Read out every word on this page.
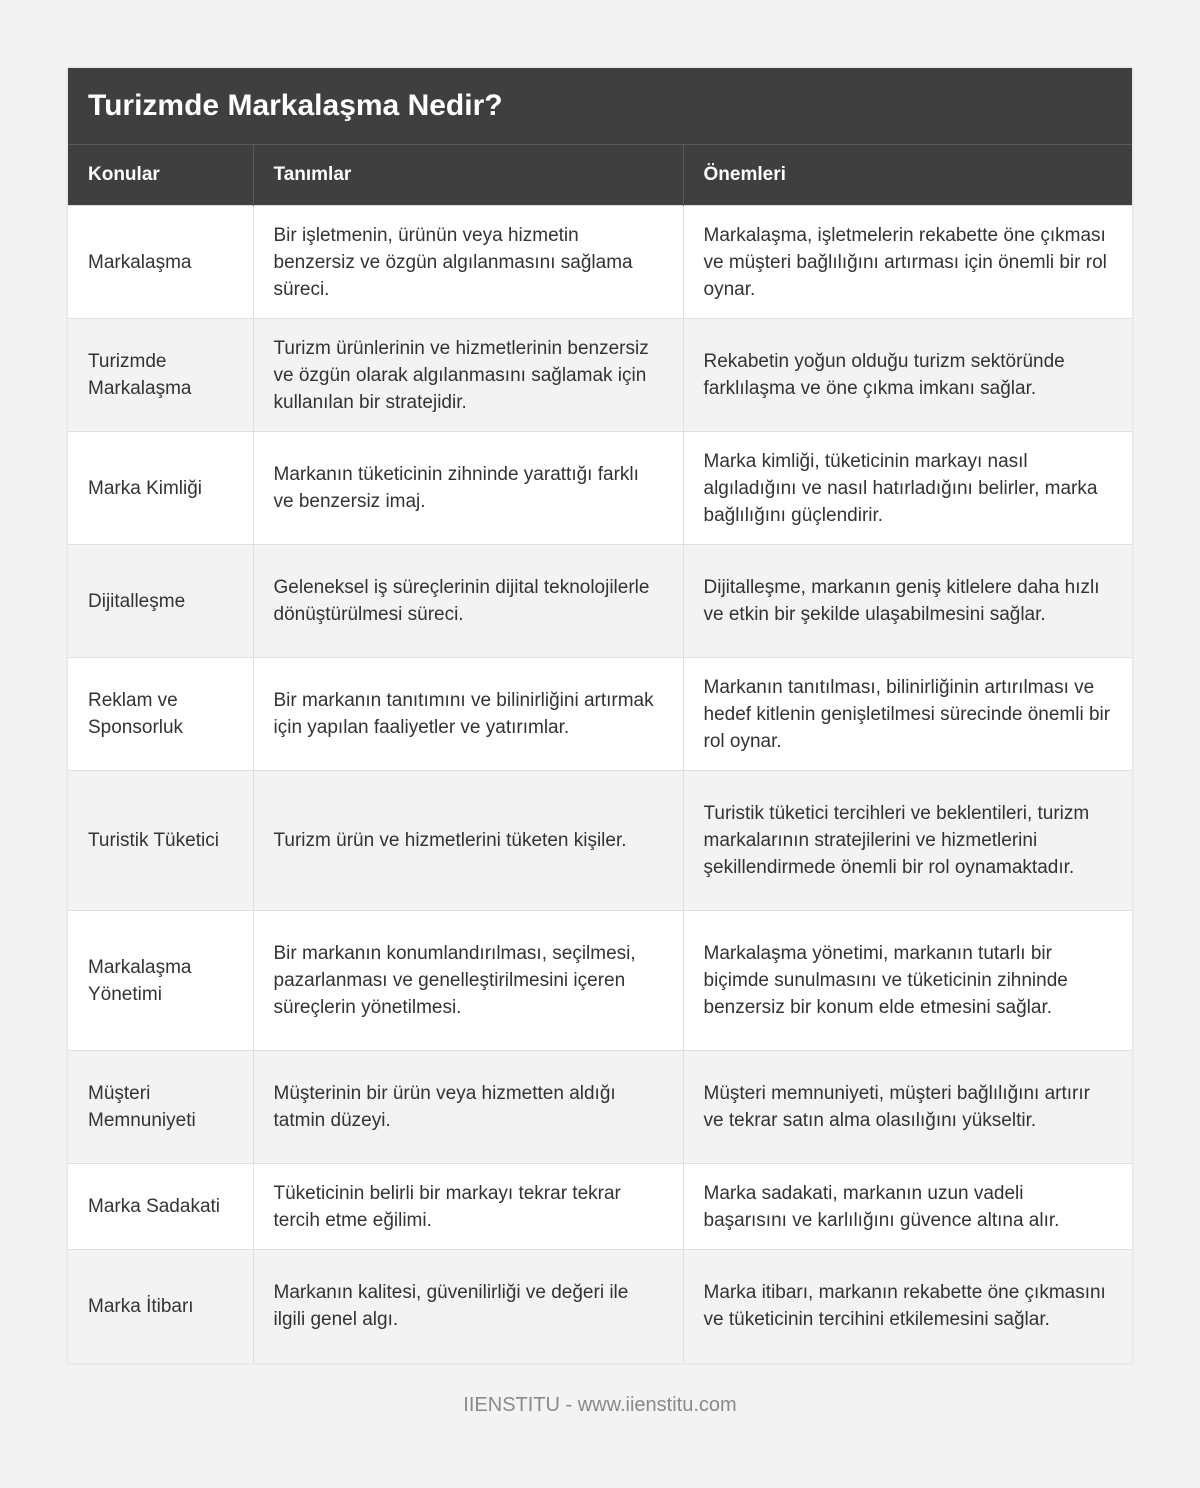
Turizmde Markalaşma Nedir?
Konular	Tanımlar	Önemleri
Markalaşma	Bir işletmenin, ürünün veya hizmetin benzersiz ve özgün algılanmasını sağlama süreci.	Markalaşma, işletmelerin rekabette öne çıkması ve müşteri bağlılığını artırması için önemli bir rol oynar.
Turizmde Markalaşma	Turizm ürünlerinin ve hizmetlerinin benzersiz ve özgün olarak algılanmasını sağlamak için kullanılan bir stratejidir.	Rekabetin yoğun olduğu turizm sektöründe farklılaşma ve öne çıkma imkanı sağlar.
Marka Kimliği	Markanın tüketicinin zihninde yarattığı farklı ve benzersiz imaj.	Marka kimliği, tüketicinin markayı nasıl algıladığını ve nasıl hatırladığını belirler, marka bağlılığını güçlendirir.
Dijitalleşme	Geleneksel iş süreçlerinin dijital teknolojilerle dönüştürülmesi süreci.	Dijitalleşme, markanın geniş kitlelere daha hızlı ve etkin bir şekilde ulaşabilmesini sağlar.
Reklam ve Sponsorluk	Bir markanın tanıtımını ve bilinirliğini artırmak için yapılan faaliyetler ve yatırımlar.	Markanın tanıtılması, bilinirliğinin artırılması ve hedef kitlenin genişletilmesi sürecinde önemli bir rol oynar.
Turistik Tüketici	Turizm ürün ve hizmetlerini tüketen kişiler.	Turistik tüketici tercihleri ve beklentileri, turizm markalarının stratejilerini ve hizmetlerini şekillendirmede önemli bir rol oynamaktadır.
Markalaşma Yönetimi	Bir markanın konumlandırılması, seçilmesi, pazarlanması ve genelleştirilmesini içeren süreçlerin yönetilmesi.	Markalaşma yönetimi, markanın tutarlı bir biçimde sunulmasını ve tüketicinin zihninde benzersiz bir konum elde etmesini sağlar.
Müşteri Memnuniyeti	Müşterinin bir ürün veya hizmetten aldığı tatmin düzeyi.	Müşteri memnuniyeti, müşteri bağlılığını artırır ve tekrar satın alma olasılığını yükseltir.
Marka Sadakati	Tüketicinin belirli bir markayı tekrar tekrar tercih etme eğilimi.	Marka sadakati, markanın uzun vadeli başarısını ve karlılığını güvence altına alır.
Marka İtibarı	Markanın kalitesi, güvenilirliği ve değeri ile ilgili genel algı.	Marka itibarı, markanın rekabette öne çıkmasını ve tüketicinin tercihini etkilemesini sağlar.
IIENSTITU - www.iienstitu.com
